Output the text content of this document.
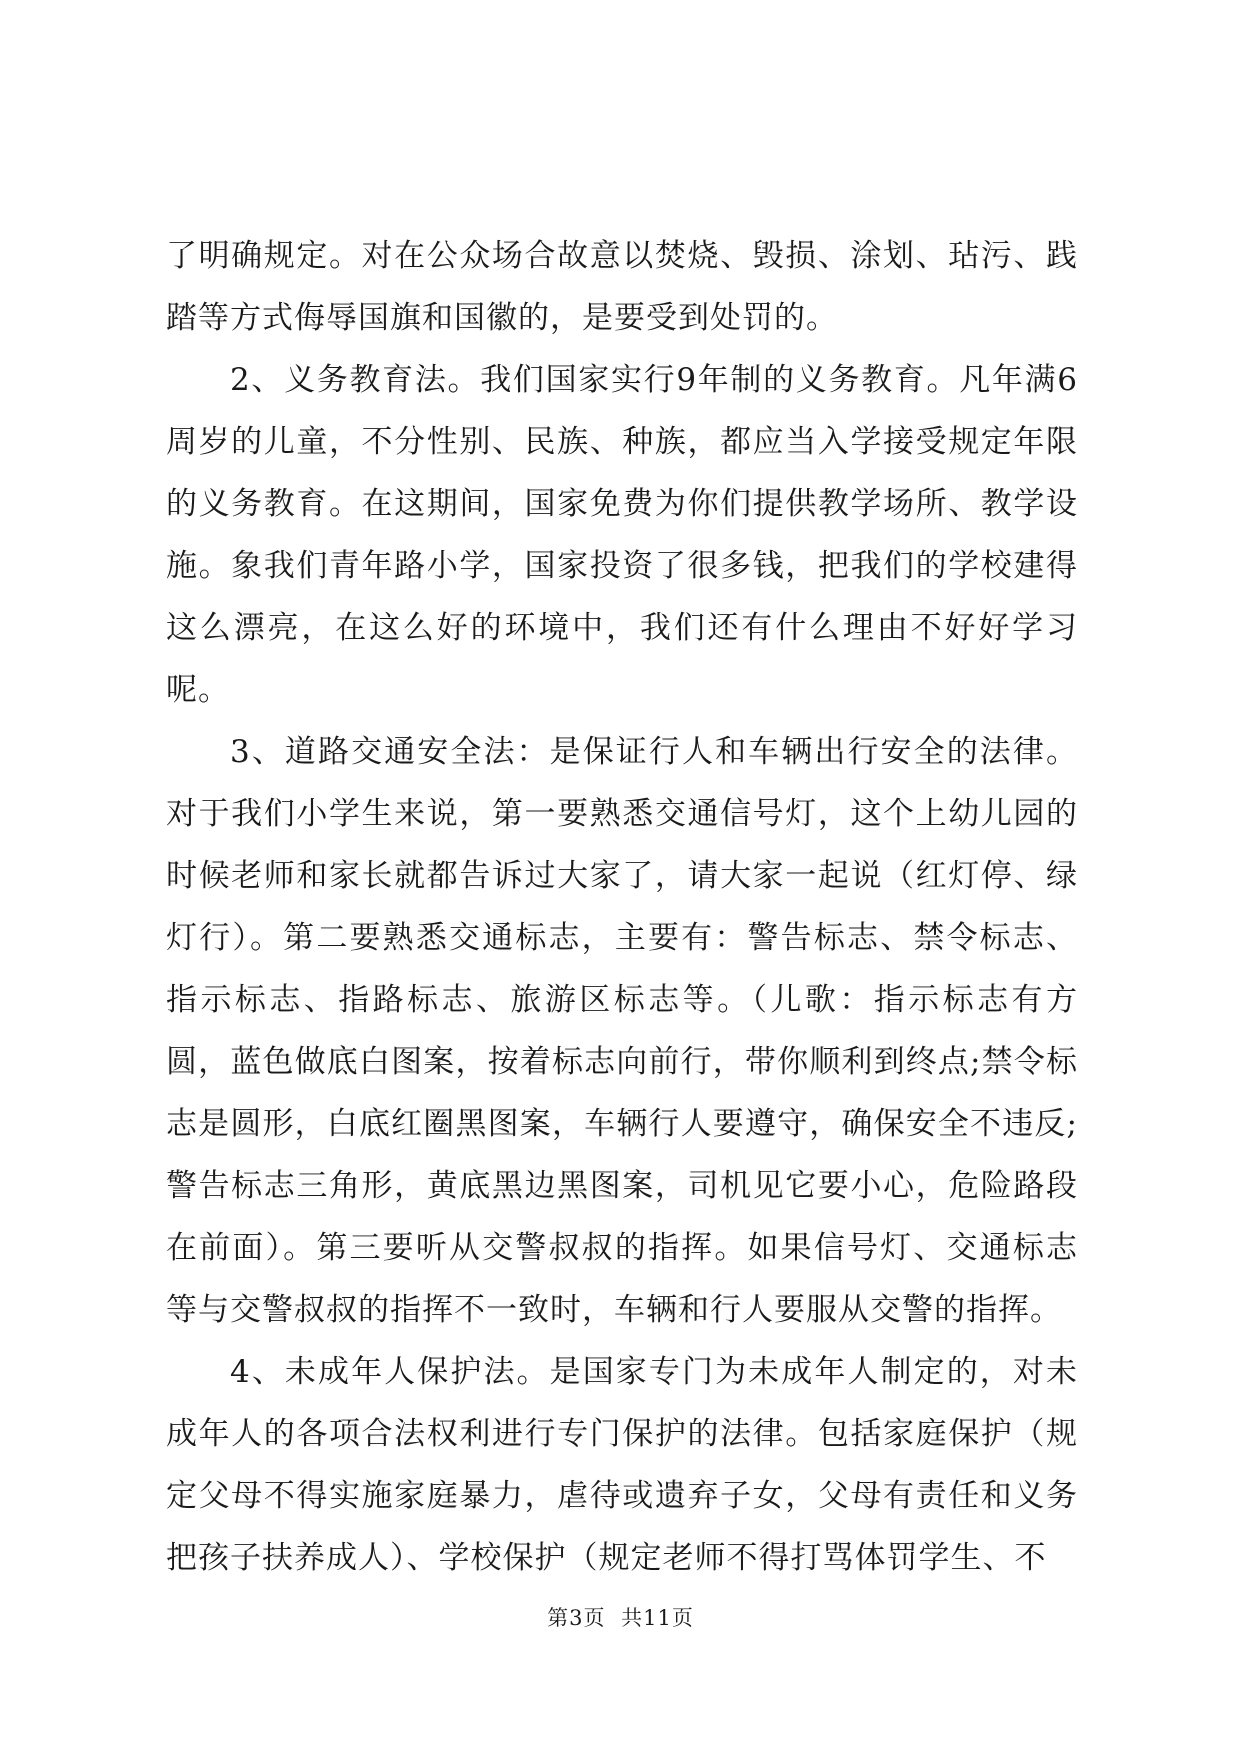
了明确规定。对在公众场合故意以焚烧、毁损、涂划、玷污、践踏等方式侮辱国旗和国徽的，是要受到处罚的。

2、义务教育法。我们国家实行9年制的义务教育。凡年满6周岁的儿童，不分性别、民族、种族，都应当入学接受规定年限的义务教育。在这期间，国家免费为你们提供教学场所、教学设施。象我们青年路小学，国家投资了很多钱，把我们的学校建得这么漂亮，在这么好的环境中，我们还有什么理由不好好学习呢。

3、道路交通安全法：是保证行人和车辆出行安全的法律。对于我们小学生来说，第一要熟悉交通信号灯，这个上幼儿园的时候老师和家长就都告诉过大家了，请大家一起说（红灯停、绿灯行）。第二要熟悉交通标志，主要有：警告标志、禁令标志、指示标志、指路标志、旅游区标志等。（儿歌：指示标志有方圆，蓝色做底白图案，按着标志向前行，带你顺利到终点;禁令标志是圆形，白底红圈黑图案，车辆行人要遵守，确保安全不违反;警告标志三角形，黄底黑边黑图案，司机见它要小心，危险路段在前面）。第三要听从交警叔叔的指挥。如果信号灯、交通标志等与交警叔叔的指挥不一致时，车辆和行人要服从交警的指挥。

4、未成年人保护法。是国家专门为未成年人制定的，对未成年人的各项合法权利进行专门保护的法律。包括家庭保护（规定父母不得实施家庭暴力，虐待或遗弃子女，父母有责任和义务把孩子扶养成人）、学校保护（规定老师不得打骂体罚学生、不

第3页 共11页
